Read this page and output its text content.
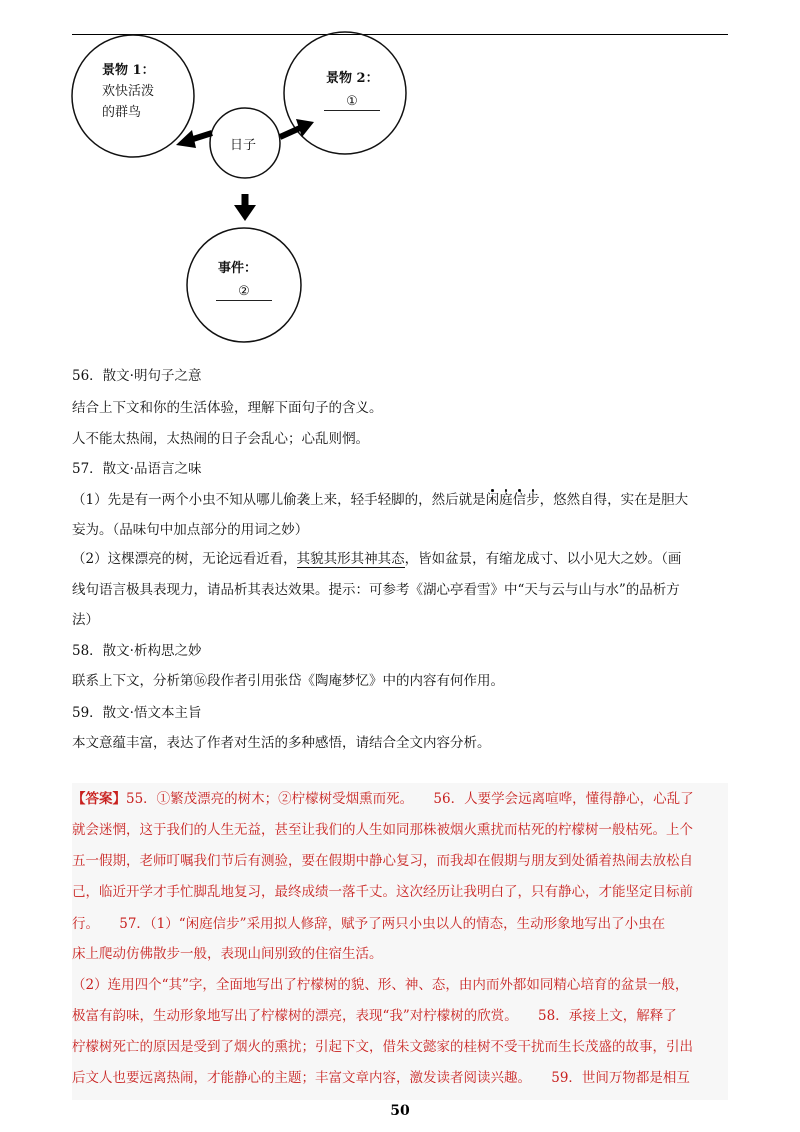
景物 1：
欢快活泼
的群鸟
景物 2：
①
日子
事件：
②
56．散文·明句子之意
结合上下文和你的生活体验，理解下面句子的含义。
人不能太热闹，太热闹的日子会乱心；心乱则惘。
57．散文·品语言之味
（1）先是有一两个小虫不知从哪儿偷袭上来，轻手轻脚的，然后就是闲庭信步，悠然自得，实在是胆大
妄为。（品味句中加点部分的用词之妙）
（2）这棵漂亮的树，无论远看近看，其貌其形其神其态，皆如盆景，有缩龙成寸、以小见大之妙。（画
线句语言极具表现力，请品析其表达效果。提示：可参考《湖心亭看雪》中“天与云与山与水”的品析方
法）
58．散文·析构思之妙
联系上下文，分析第⑯段作者引用张岱《陶庵梦忆》中的内容有何作用。
59．散文·悟文本主旨
本文意蕴丰富，表达了作者对生活的多种感悟，请结合全文内容分析。
【答案】55．①繁茂漂亮的树木；②柠檬树受烟熏而死。　　56．人要学会远离喧哗，懂得静心，心乱了
就会迷惘，这于我们的人生无益，甚至让我们的人生如同那株被烟火熏扰而枯死的柠檬树一般枯死。上个
五一假期，老师叮嘱我们节后有测验，要在假期中静心复习，而我却在假期与朋友到处循着热闹去放松自
己，临近开学才手忙脚乱地复习，最终成绩一落千丈。这次经历让我明白了，只有静心，才能坚定目标前
行。　　57．（1）“闲庭信步”采用拟人修辞，赋予了两只小虫以人的情态，生动形象地写出了小虫在
床上爬动仿佛散步一般，表现山间别致的住宿生活。
（2）连用四个“其”字，全面地写出了柠檬树的貌、形、神、态，由内而外都如同精心培育的盆景一般，
极富有韵味，生动形象地写出了柠檬树的漂亮，表现“我”对柠檬树的欣赏。　　58．承接上文，解释了
柠檬树死亡的原因是受到了烟火的熏扰；引起下文，借朱文懿家的桂树不受干扰而生长茂盛的故事，引出
后文人也要远离热闹，才能静心的主题；丰富文章内容，激发读者阅读兴趣。　　59．世间万物都是相互
50
